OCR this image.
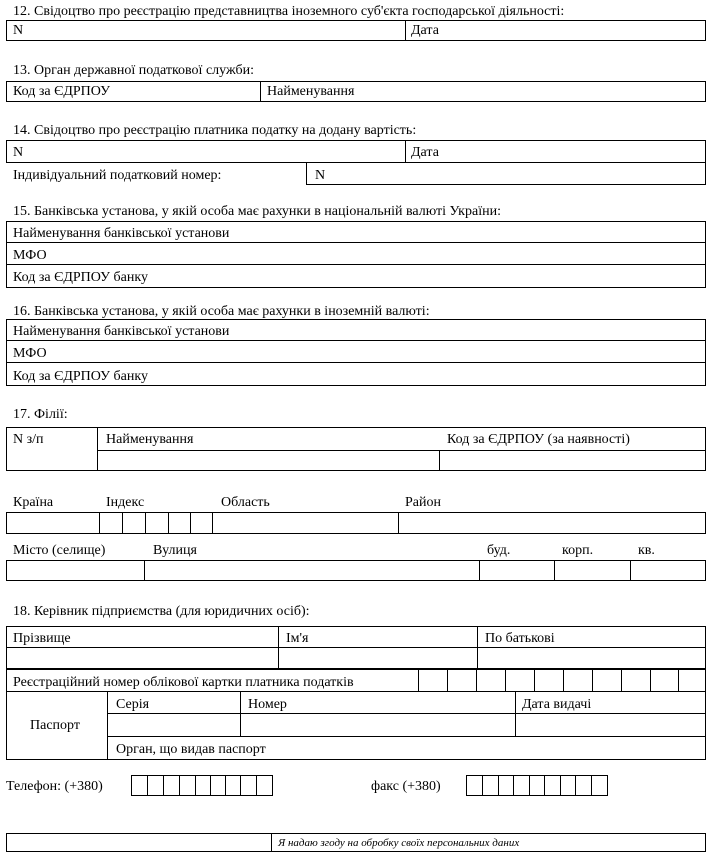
12. Свідоцтво про реєстрацію представництва іноземного суб'єкта господарської діяльності:
N	Дата
13. Орган державної податкової служби:
Код за ЄДРПОУ	Найменування
14. Свідоцтво про реєстрацію платника податку на додану вартість:
N	Дата
Індивідуальний податковий номер:	N
15. Банківська установа, у якій особа має рахунки в національній валюті України:
Найменування банківської установи
МФО
Код за ЄДРПОУ банку
16. Банківська установа, у якій особа має рахунки в іноземній валюті:
Найменування банківської установи
МФО
Код за ЄДРПОУ банку
17. Філії:
N з/п	Найменування	Код за ЄДРПОУ (за наявності)
Країна	Індекс	Область	Район
Місто (селище)	Вулиця	буд.	корп.	кв.
18. Керівник підприємства (для юридичних осіб):
Прізвище	Ім'я	По батькові
Реєстраційний номер облікової картки платника податків
Паспорт
Серія	Номер	Дата видачі
Орган, що видав паспорт
Телефон: (+380)	факс (+380)
Я надаю згоду на обробку своїх персональних даних
